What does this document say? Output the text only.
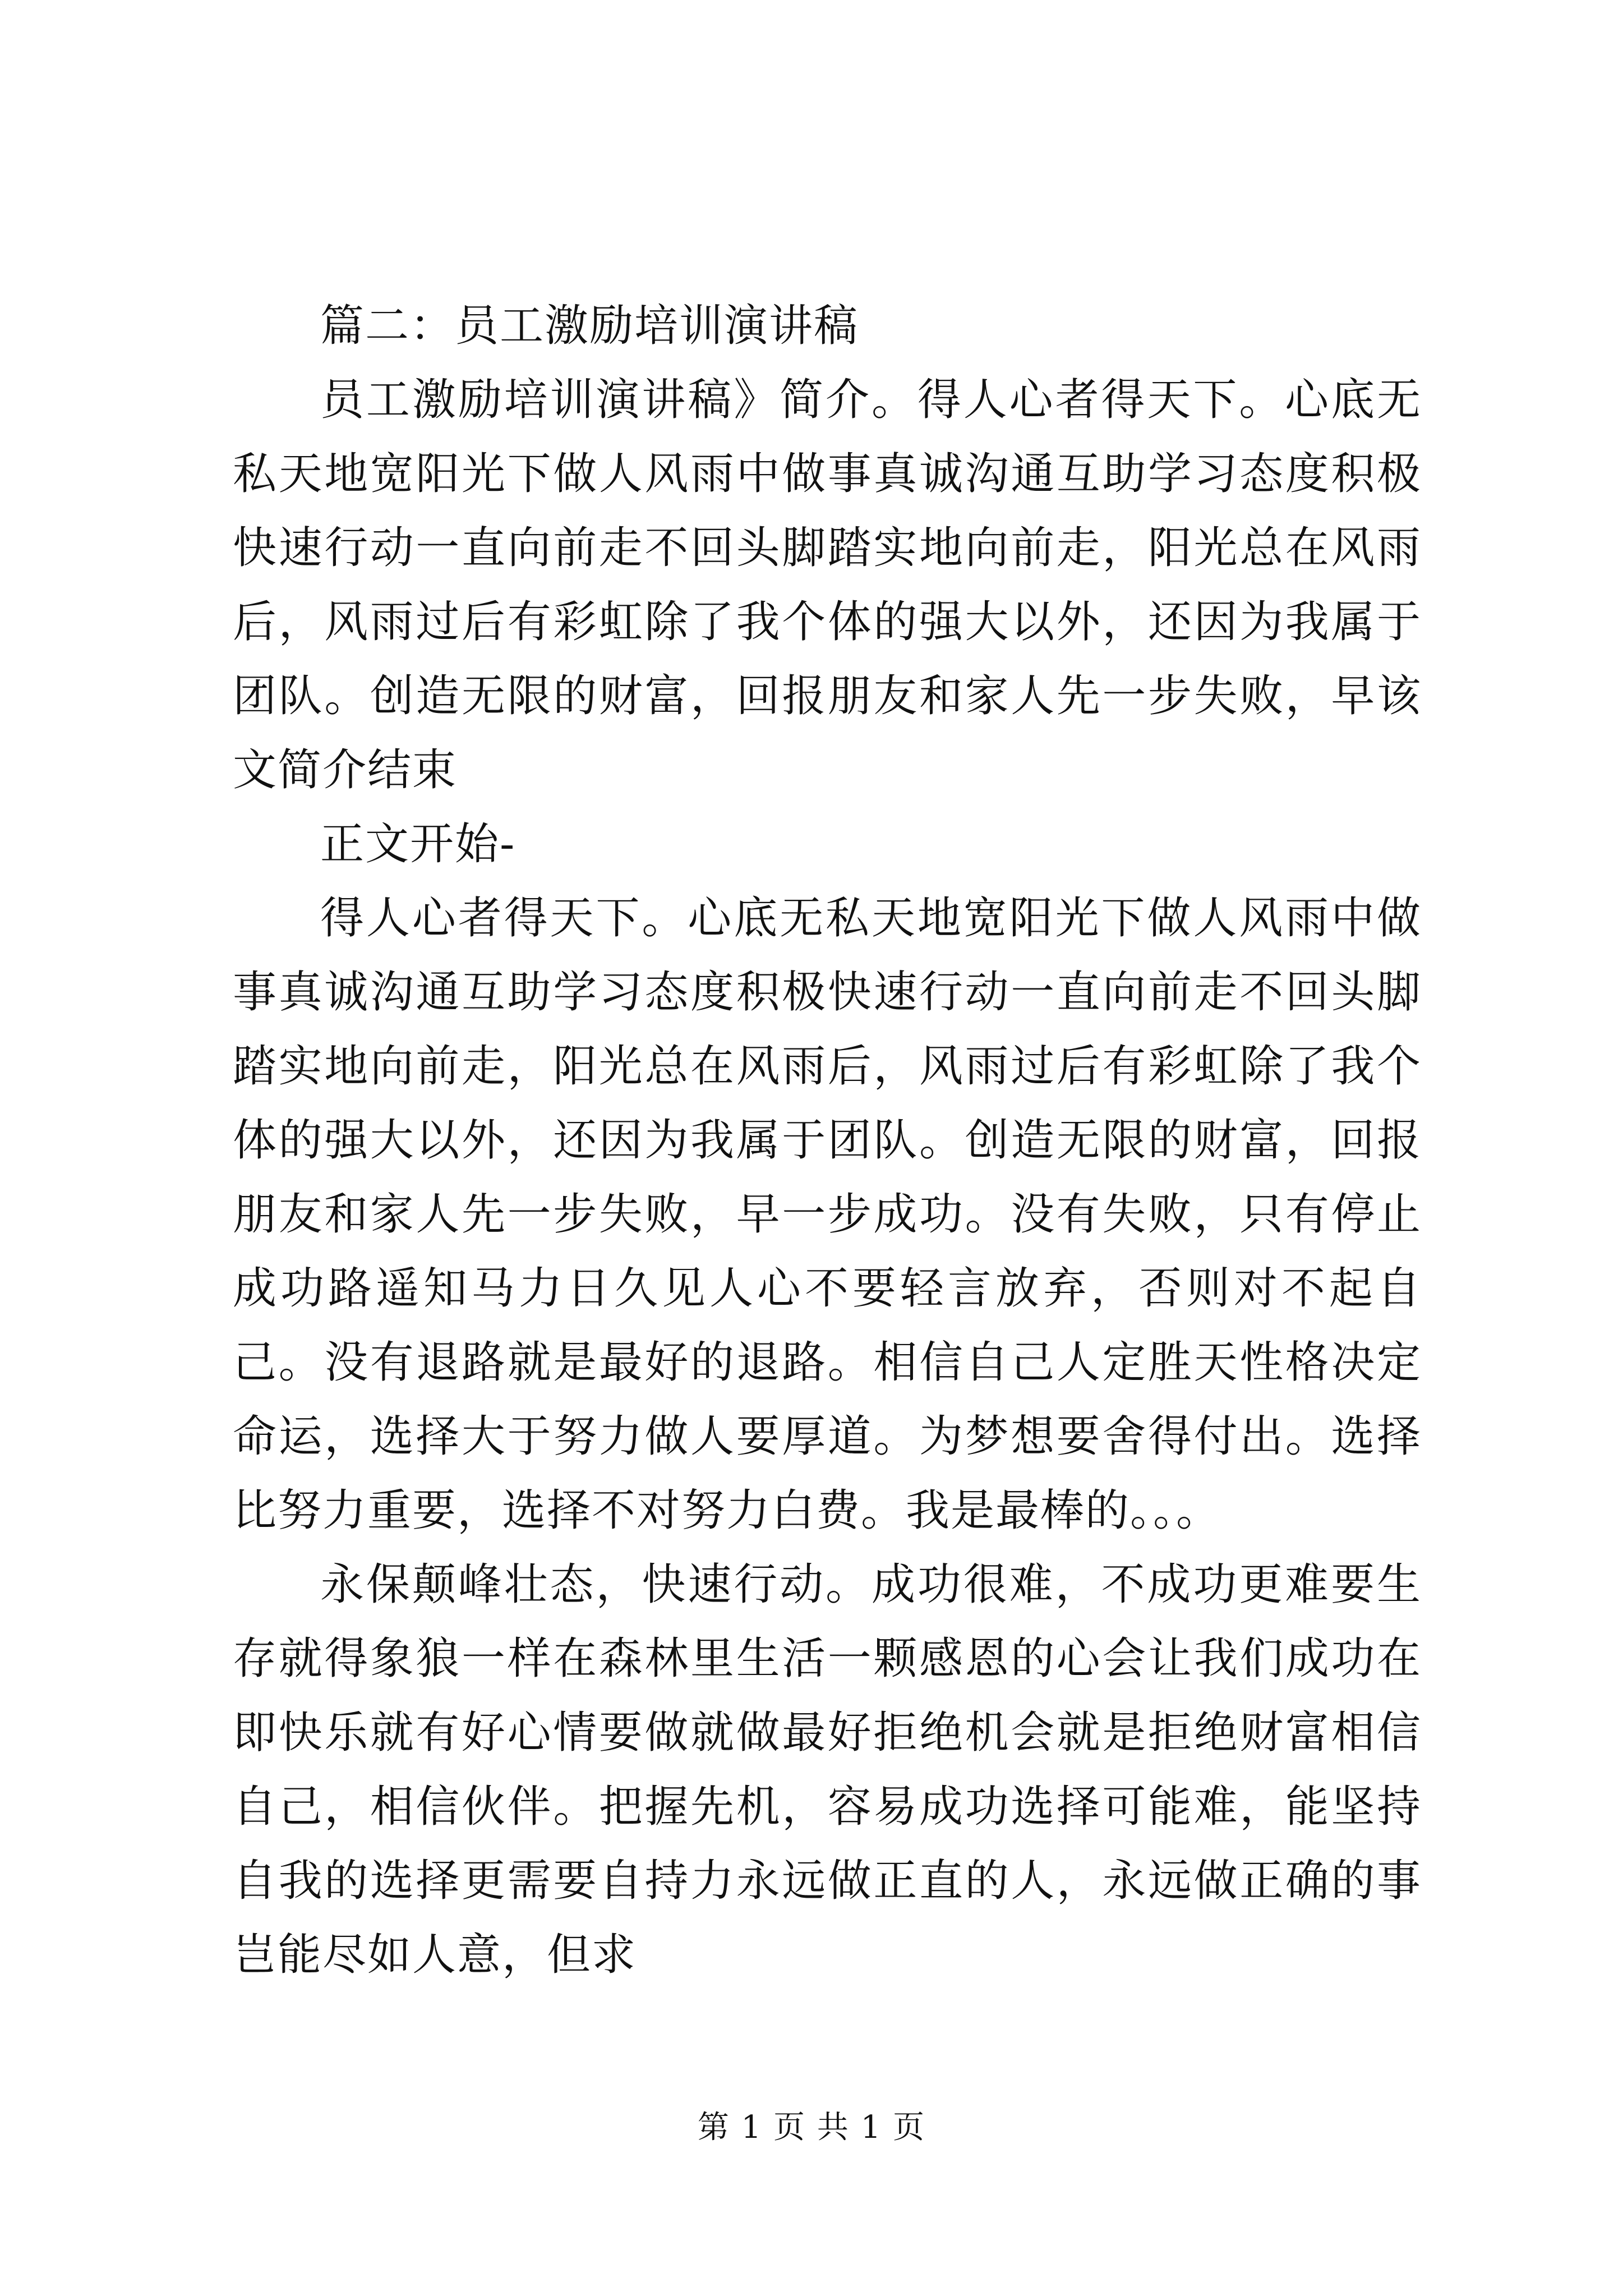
篇二：员工激励培训演讲稿

员工激励培训演讲稿》简介。得人心者得天下。心底无私天地宽阳光下做人风雨中做事真诚沟通互助学习态度积极快速行动一直向前走不回头脚踏实地向前走，阳光总在风雨后，风雨过后有彩虹除了我个体的强大以外，还因为我属于团队。创造无限的财富，回报朋友和家人先一步失败，早该文简介结束

正文开始-

得人心者得天下。心底无私天地宽阳光下做人风雨中做事真诚沟通互助学习态度积极快速行动一直向前走不回头脚踏实地向前走，阳光总在风雨后，风雨过后有彩虹除了我个体的强大以外，还因为我属于团队。创造无限的财富，回报朋友和家人先一步失败，早一步成功。没有失败，只有停止成功路遥知马力日久见人心不要轻言放弃，否则对不起自己。没有退路就是最好的退路。相信自己人定胜天性格决定命运，选择大于努力做人要厚道。为梦想要舍得付出。选择比努力重要，选择不对努力白费。我是最棒的。。。

永保颠峰壮态，快速行动。成功很难，不成功更难要生存就得象狼一样在森林里生活一颗感恩的心会让我们成功在即快乐就有好心情要做就做最好拒绝机会就是拒绝财富相信自己，相信伙伴。把握先机，容易成功选择可能难，能坚持自我的选择更需要自持力永远做正直的人，永远做正确的事岂能尽如人意，但求

第 1 页 共 1 页
